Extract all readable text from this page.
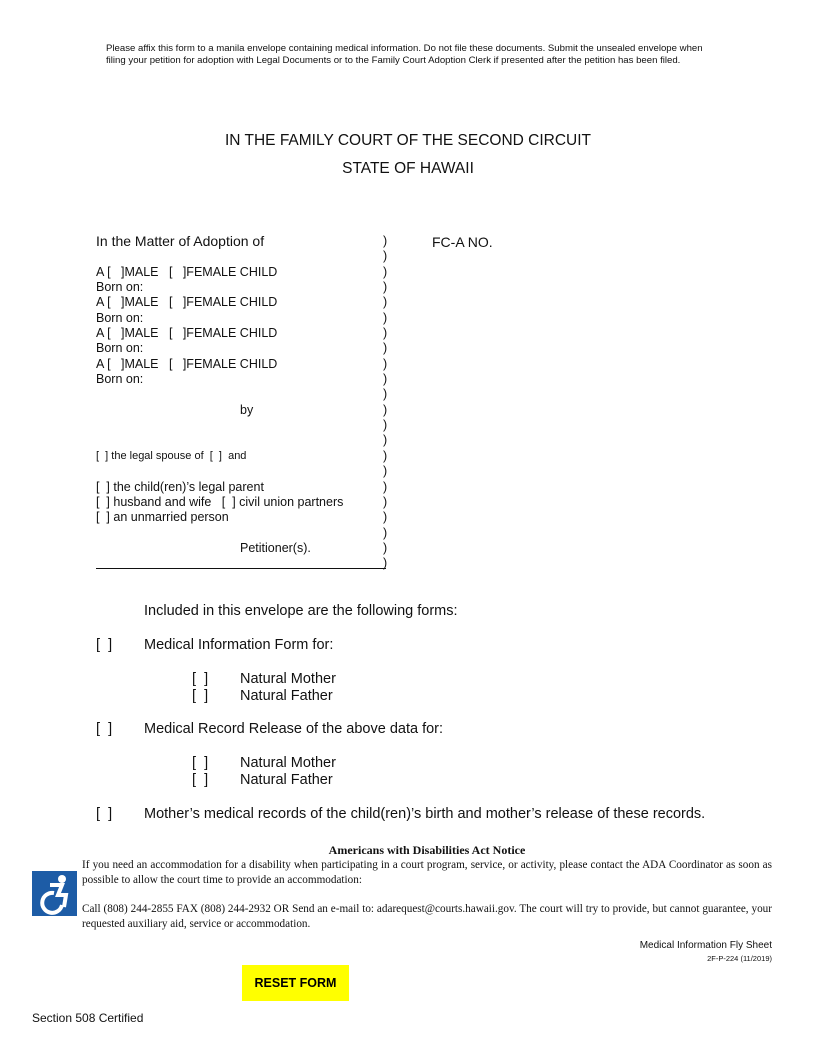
Please affix this form to a manila envelope containing medical information. Do not file these documents. Submit the unsealed envelope when filing your petition for adoption with Legal Documents or to the Family Court Adoption Clerk if presented after the petition has been filed.
IN THE FAMILY COURT OF THE SECOND CIRCUIT
STATE OF HAWAII
In the Matter of Adoption of	)
)
A [   ]MALE   [   ]FEMALE CHILD	)
Born on:	)
A [   ]MALE   [   ]FEMALE CHILD	)
Born on:	)
A [   ]MALE   [   ]FEMALE CHILD	)
Born on:	)
A [   ]MALE   [   ]FEMALE CHILD	)
Born on:	)
)
by	)
)
)
[  ] the legal spouse of  [  ]  and	)
)
[  ] the child(ren)’s legal parent	)
[  ] husband and wife   [  ] civil union partners	)
[  ] an unmarried person	)
)
Petitioner(s).	)
)
FC-A NO.
Included in this envelope are the following forms:
[  ] Medical Information Form for:
[  ] Natural Mother
[  ] Natural Father
[  ] Medical Record Release of the above data for:
[  ] Natural Mother
[  ] Natural Father
[  ] Mother’s medical records of the child(ren)’s birth and mother’s release of these records.
Americans with Disabilities Act Notice

If you need an accommodation for a disability when participating in a court program, service, or activity, please contact the ADA Coordinator as soon as possible to allow the court time to provide an accommodation:

Call (808) 244-2855 FAX (808) 244-2932 OR Send an e-mail to: adarequest@courts.hawaii.gov. The court will try to provide, but cannot guarantee, your requested auxiliary aid, service or accommodation.

Medical Information Fly Sheet
2F-P-224 (11/2019)
RESET FORM
Section 508 Certified
